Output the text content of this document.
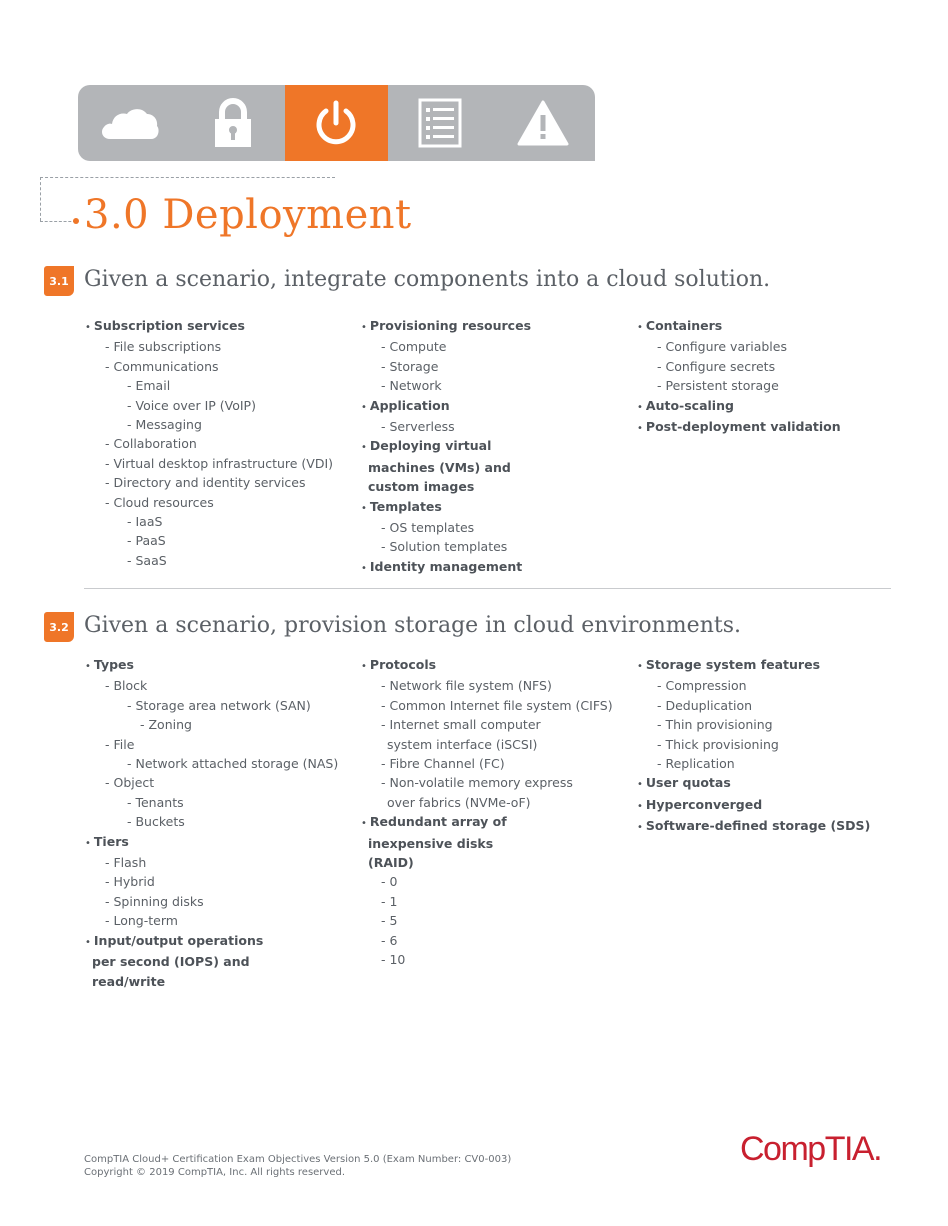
3.0 Deployment
3.1 Given a scenario, integrate components into a cloud solution.
• Subscription services
- File subscriptions
- Communications
- Email
- Voice over IP (VoIP)
- Messaging
- Collaboration
- Virtual desktop infrastructure (VDI)
- Directory and identity services
- Cloud resources
- IaaS
- PaaS
- SaaS
• Provisioning resources
- Compute
- Storage
- Network
• Application
- Serverless
• Deploying virtual machines (VMs) and custom images
• Templates
- OS templates
- Solution templates
• Identity management
• Containers
- Configure variables
- Configure secrets
- Persistent storage
• Auto-scaling
• Post-deployment validation
3.2 Given a scenario, provision storage in cloud environments.
• Types
- Block
- Storage area network (SAN)
- Zoning
- File
- Network attached storage (NAS)
- Object
- Tenants
- Buckets
• Tiers
- Flash
- Hybrid
- Spinning disks
- Long-term
• Input/output operations per second (IOPS) and read/write
• Protocols
- Network file system (NFS)
- Common Internet file system (CIFS)
- Internet small computer
system interface (iSCSI)
- Fibre Channel (FC)
- Non-volatile memory express
over fabrics (NVMe-oF)
• Redundant array of inexpensive disks (RAID)
- 0
- 1
- 5
- 6
- 10
• Storage system features
- Compression
- Deduplication
- Thin provisioning
- Thick provisioning
- Replication
• User quotas
• Hyperconverged
• Software-defined storage (SDS)
CompTIA Cloud+ Certification Exam Objectives Version 5.0 (Exam Number: CV0-003)
Copyright © 2019 CompTIA, Inc. All rights reserved.
CompTIA.
